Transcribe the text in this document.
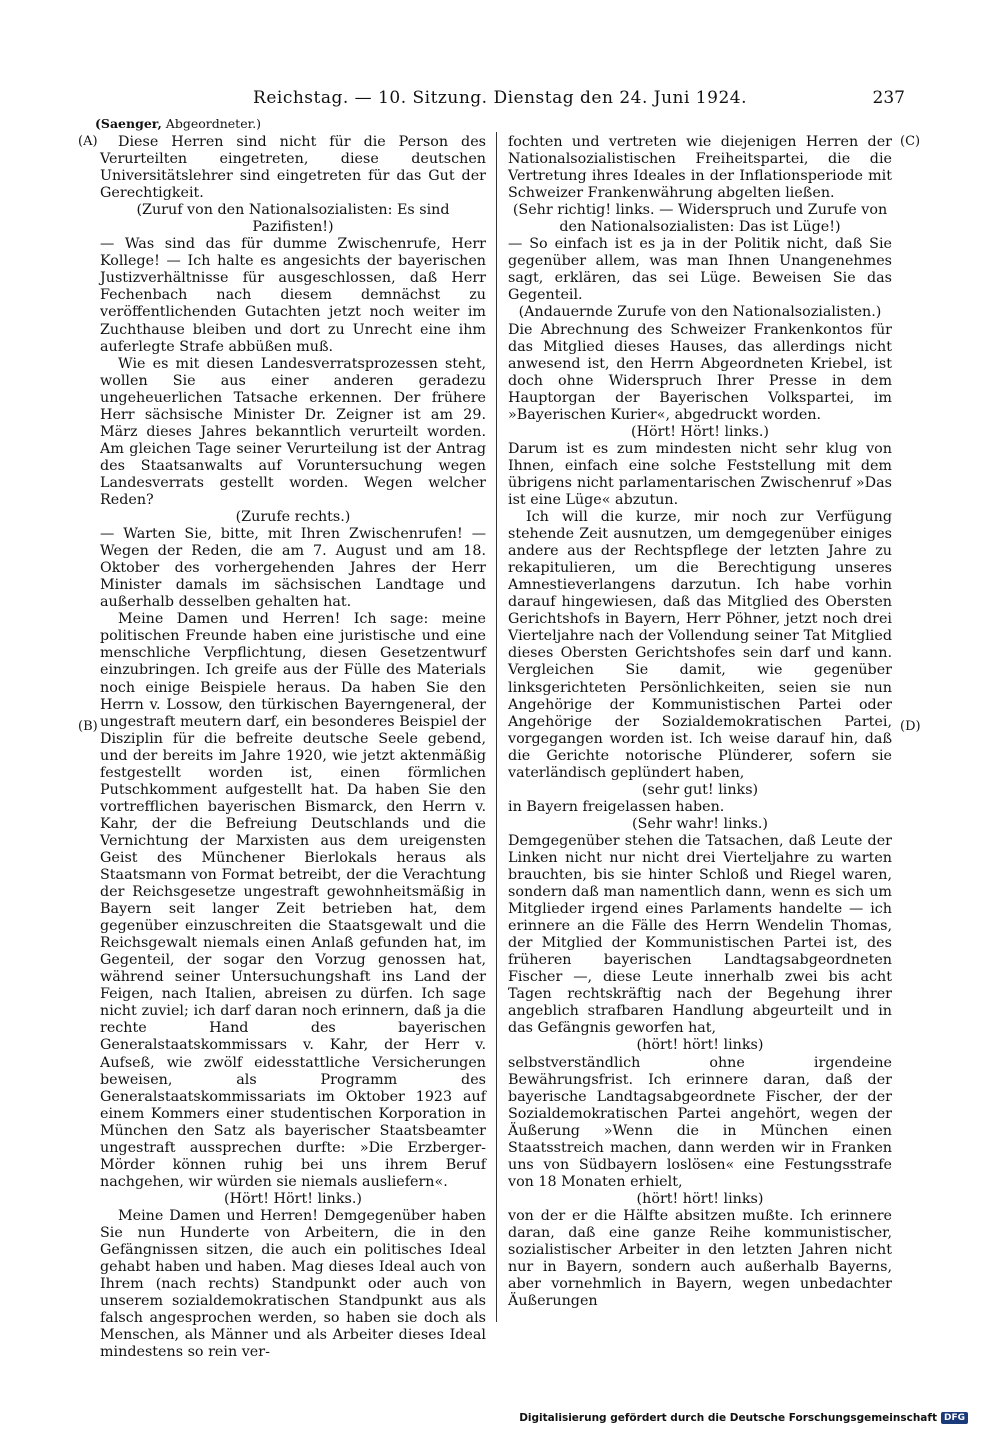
Reichstag. — 10. Sitzung. Dienstag den 24. Juni 1924.	237
(Saenger, Abgeordneter.)
(A)
(B)
(C)
(D)

Diese Herren sind nicht für die Person des Verurteilten eingetreten, diese deutschen Universitätslehrer sind eingetreten für das Gut der Gerechtigkeit.

(Zuruf von den Nationalsozialisten: Es sind Pazifisten!)

— Was sind das für dumme Zwischenrufe, Herr Kollege! — Ich halte es angesichts der bayerischen Justizverhältnisse für ausgeschlossen, daß Herr Fechenbach nach diesem demnächst zu veröffentlichenden Gutachten jetzt noch weiter im Zuchthause bleiben und dort zu Unrecht eine ihm auferlegte Strafe abbüßen muß.

Wie es mit diesen Landesverratsprozessen steht, wollen Sie aus einer anderen geradezu ungeheuerlichen Tatsache erkennen. Der frühere Herr sächsische Minister Dr. Zeigner ist am 29. März dieses Jahres bekanntlich verurteilt worden. Am gleichen Tage seiner Verurteilung ist der Antrag des Staatsanwalts auf Voruntersuchung wegen Landesverrats gestellt worden. Wegen welcher Reden?

(Zurufe rechts.)

— Warten Sie, bitte, mit Ihren Zwischenrufen! — Wegen der Reden, die am 7. August und am 18. Oktober des vorhergehenden Jahres der Herr Minister damals im sächsischen Landtage und außerhalb desselben gehalten hat.

Meine Damen und Herren! Ich sage: meine politischen Freunde haben eine juristische und eine menschliche Verpflichtung, diesen Gesetzentwurf einzubringen. Ich greife aus der Fülle des Materials noch einige Beispiele heraus. Da haben Sie den Herrn v. Lossow, den türkischen Bayerngeneral, der ungestraft meutern darf, ein besonderes Beispiel der Disziplin für die befreite deutsche Seele gebend, und der bereits im Jahre 1920, wie jetzt aktenmäßig festgestellt worden ist, einen förmlichen Putschkomment aufgestellt hat. Da haben Sie den vortrefflichen bayerischen Bismarck, den Herrn v. Kahr, der die Befreiung Deutschlands und die Vernichtung der Marxisten aus dem ureigensten Geist des Münchener Bierlokals heraus als Staatsmann von Format betreibt, der die Verachtung der Reichsgesetze ungestraft gewohnheitsmäßig in Bayern seit langer Zeit betrieben hat, dem gegenüber einzuschreiten die Staatsgewalt und die Reichsgewalt niemals einen Anlaß gefunden hat, im Gegenteil, der sogar den Vorzug genossen hat, während seiner Untersuchungshaft ins Land der Feigen, nach Italien, abreisen zu dürfen. Ich sage nicht zuviel; ich darf daran noch erinnern, daß ja die rechte Hand des bayerischen Generalstaatskommissars v. Kahr, der Herr v. Aufseß, wie zwölf eidesstattliche Versicherungen beweisen, als Programm des Generalstaatskommissariats im Oktober 1923 auf einem Kommers einer studentischen Korporation in München den Satz als bayerischer Staatsbeamter ungestraft aussprechen durfte: »Die Erzberger-Mörder können ruhig bei uns ihrem Beruf nachgehen, wir würden sie niemals ausliefern«.

(Hört! Hört! links.)

Meine Damen und Herren! Demgegenüber haben Sie nun Hunderte von Arbeitern, die in den Gefängnissen sitzen, die auch ein politisches Ideal gehabt haben und haben. Mag dieses Ideal auch von Ihrem (nach rechts) Standpunkt oder auch von unserem sozialdemokratischen Standpunkt aus als falsch angesprochen werden, so haben sie doch als Menschen, als Männer und als Arbeiter dieses Ideal mindestens so rein ver-

fochten und vertreten wie diejenigen Herren der Nationalsozialistischen Freiheitspartei, die die Vertretung ihres Ideales in der Inflationsperiode mit Schweizer Frankenwährung abgelten ließen.

(Sehr richtig! links. — Widerspruch und Zurufe von den Nationalsozialisten: Das ist Lüge!)

— So einfach ist es ja in der Politik nicht, daß Sie gegenüber allem, was man Ihnen Unangenehmes sagt, erklären, das sei Lüge. Beweisen Sie das Gegenteil.

(Andauernde Zurufe von den Nationalsozialisten.)

Die Abrechnung des Schweizer Frankenkontos für das Mitglied dieses Hauses, das allerdings nicht anwesend ist, den Herrn Abgeordneten Kriebel, ist doch ohne Widerspruch Ihrer Presse in dem Hauptorgan der Bayerischen Volkspartei, im »Bayerischen Kurier«, abgedruckt worden.

(Hört! Hört! links.)

Darum ist es zum mindesten nicht sehr klug von Ihnen, einfach eine solche Feststellung mit dem übrigens nicht parlamentarischen Zwischenruf »Das ist eine Lüge« abzutun.

Ich will die kurze, mir noch zur Verfügung stehende Zeit ausnutzen, um demgegenüber einiges andere aus der Rechtspflege der letzten Jahre zu rekapitulieren, um die Berechtigung unseres Amnestieverlangens darzutun. Ich habe vorhin darauf hingewiesen, daß das Mitglied des Obersten Gerichtshofs in Bayern, Herr Pöhner, jetzt noch drei Vierteljahre nach der Vollendung seiner Tat Mitglied dieses Obersten Gerichtshofes sein darf und kann. Vergleichen Sie damit, wie gegenüber linksgerichteten Persönlichkeiten, seien sie nun Angehörige der Kommunistischen Partei oder Angehörige der Sozialdemokratischen Partei, vorgegangen worden ist. Ich weise darauf hin, daß die Gerichte notorische Plünderer, sofern sie vaterländisch geplündert haben,

(sehr gut! links)

in Bayern freigelassen haben.

(Sehr wahr! links.)

Demgegenüber stehen die Tatsachen, daß Leute der Linken nicht nur nicht drei Vierteljahre zu warten brauchten, bis sie hinter Schloß und Riegel waren, sondern daß man namentlich dann, wenn es sich um Mitglieder irgend eines Parlaments handelte — ich erinnere an die Fälle des Herrn Wendelin Thomas, der Mitglied der Kommunistischen Partei ist, des früheren bayerischen Landtagsabgeordneten Fischer —, diese Leute innerhalb zwei bis acht Tagen rechtskräftig nach der Begehung ihrer angeblich strafbaren Handlung abgeurteilt und in das Gefängnis geworfen hat,

(hört! hört! links)

selbstverständlich ohne irgendeine Bewährungsfrist. Ich erinnere daran, daß der bayerische Landtagsabgeordnete Fischer, der der Sozialdemokratischen Partei angehört, wegen der Äußerung »Wenn die in München einen Staatsstreich machen, dann werden wir in Franken uns von Südbayern loslösen« eine Festungsstrafe von 18 Monaten erhielt,

(hört! hört! links)

von der er die Hälfte absitzen mußte. Ich erinnere daran, daß eine ganze Reihe kommunistischer, sozialistischer Arbeiter in den letzten Jahren nicht nur in Bayern, sondern auch außerhalb Bayerns, aber vornehmlich in Bayern, wegen unbedachter Äußerungen

Digitalisierung gefördert durch die Deutsche Forschungsgemeinschaft DFG
